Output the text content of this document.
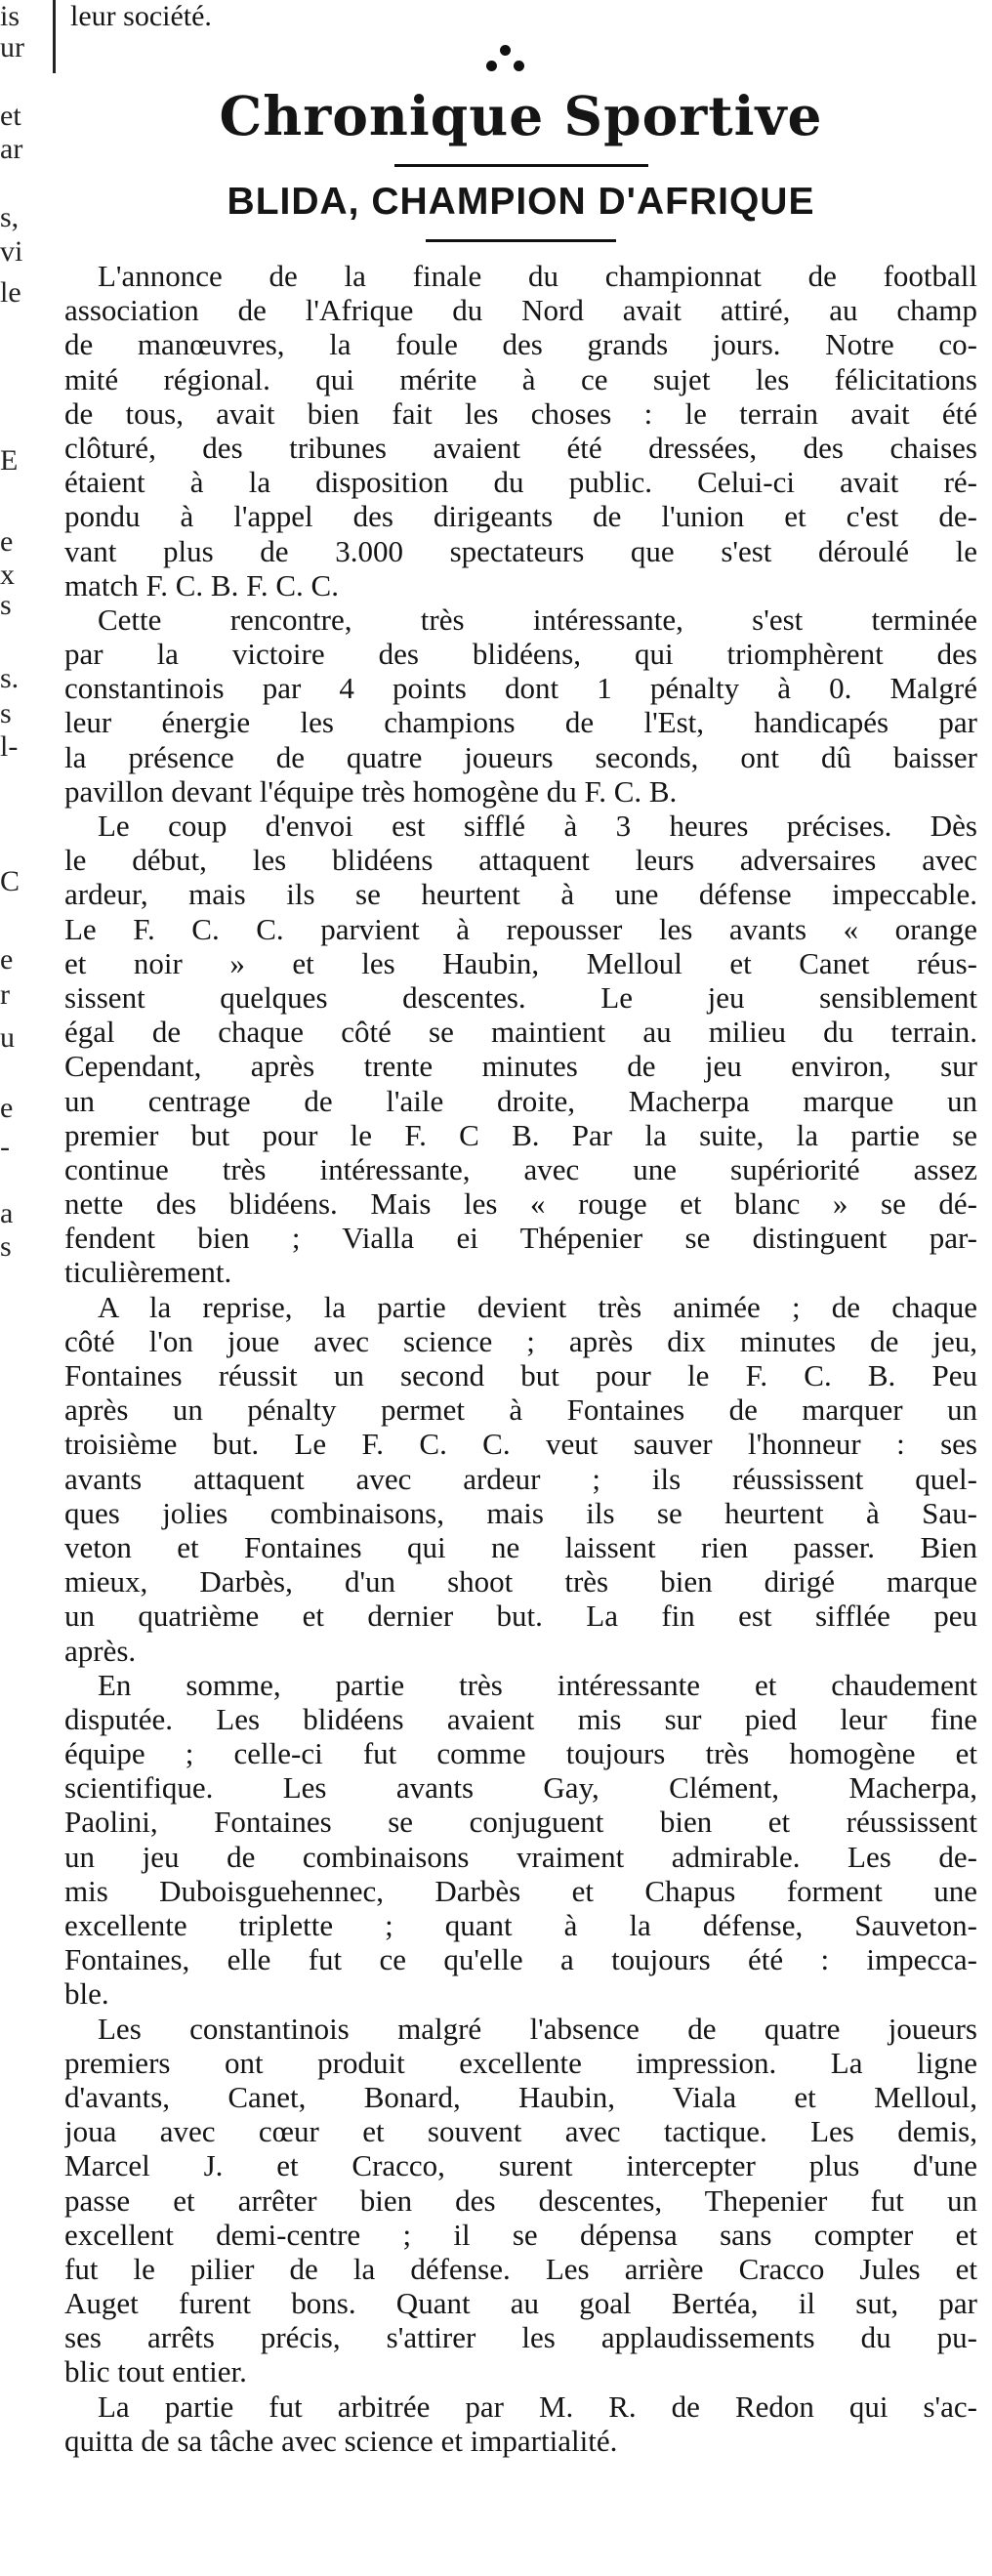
is
ur
et
ar
s,
vi
le
E
e
x
s
s.
s
l-
C
e
r
u
e
-
a
s
leur société.
Chronique Sportive
BLIDA, CHAMPION D'AFRIQUE

L'annonce de la finale du championnat de football

association de l'Afrique du Nord avait attiré, au champ

de manœuvres, la foule des grands jours. Notre co-

mité régional. qui mérite à ce sujet les félicitations

de tous, avait bien fait les choses : le terrain avait été

clôturé, des tribunes avaient été dressées, des chaises

étaient à la disposition du public. Celui-ci avait ré-

pondu à l'appel des dirigeants de l'union et c'est de-

vant plus de 3.000 spectateurs que s'est déroulé le

match F. C. B. F. C. C.

Cette rencontre, très intéressante, s'est terminée

par la victoire des blidéens, qui triomphèrent des

constantinois par 4 points dont 1 pénalty à 0. Malgré

leur énergie les champions de l'Est, handicapés par

la présence de quatre joueurs seconds, ont dû baisser

pavillon devant l'équipe très homogène du F. C. B.

Le coup d'envoi est sifflé à 3 heures précises. Dès

le début, les blidéens attaquent leurs adversaires avec

ardeur, mais ils se heurtent à une défense impeccable.

Le F. C. C. parvient à repousser les avants « orange

et noir » et les Haubin, Melloul et Canet réus-

sissent quelques descentes. Le jeu sensiblement

égal de chaque côté se maintient au milieu du terrain.

Cependant, après trente minutes de jeu environ, sur

un centrage de l'aile droite, Macherpa marque un

premier but pour le F. C B. Par la suite, la partie se

continue très intéressante, avec une supériorité assez

nette des blidéens. Mais les « rouge et blanc » se dé-

fendent bien ; Vialla ei Thépenier se distinguent par-

ticulièrement.

A la reprise, la partie devient très animée ; de chaque

côté l'on joue avec science ; après dix minutes de jeu,

Fontaines réussit un second but pour le F. C. B. Peu

après un pénalty permet à Fontaines de marquer un

troisième but. Le F. C. C. veut sauver l'honneur : ses

avants attaquent avec ardeur ; ils réussissent quel-

ques jolies combinaisons, mais ils se heurtent à Sau-

veton et Fontaines qui ne laissent rien passer. Bien

mieux, Darbès, d'un shoot très bien dirigé marque

un quatrième et dernier but. La fin est sifflée peu

après.

En somme, partie très intéressante et chaudement

disputée. Les blidéens avaient mis sur pied leur fine

équipe ; celle-ci fut comme toujours très homogène et

scientifique. Les avants Gay, Clément, Macherpa,

Paolini, Fontaines se conjuguent bien et réussissent

un jeu de combinaisons vraiment admirable. Les de-

mis Duboisguehennec, Darbès et Chapus forment une

excellente triplette ; quant à la défense, Sauveton-

Fontaines, elle fut ce qu'elle a toujours été : impecca-

ble.

Les constantinois malgré l'absence de quatre joueurs

premiers ont produit excellente impression. La ligne

d'avants, Canet, Bonard, Haubin, Viala et Melloul,

joua avec cœur et souvent avec tactique. Les demis,

Marcel J. et Cracco, surent intercepter plus d'une

passe et arrêter bien des descentes, Thepenier fut un

excellent demi-centre ; il se dépensa sans compter et

fut le pilier de la défense. Les arrière Cracco Jules et

Auget furent bons. Quant au goal Bertéa, il sut, par

ses arrêts précis, s'attirer les applaudissements du pu-

blic tout entier.

La partie fut arbitrée par M. R. de Redon qui s'ac-

quitta de sa tâche avec science et impartialité.
